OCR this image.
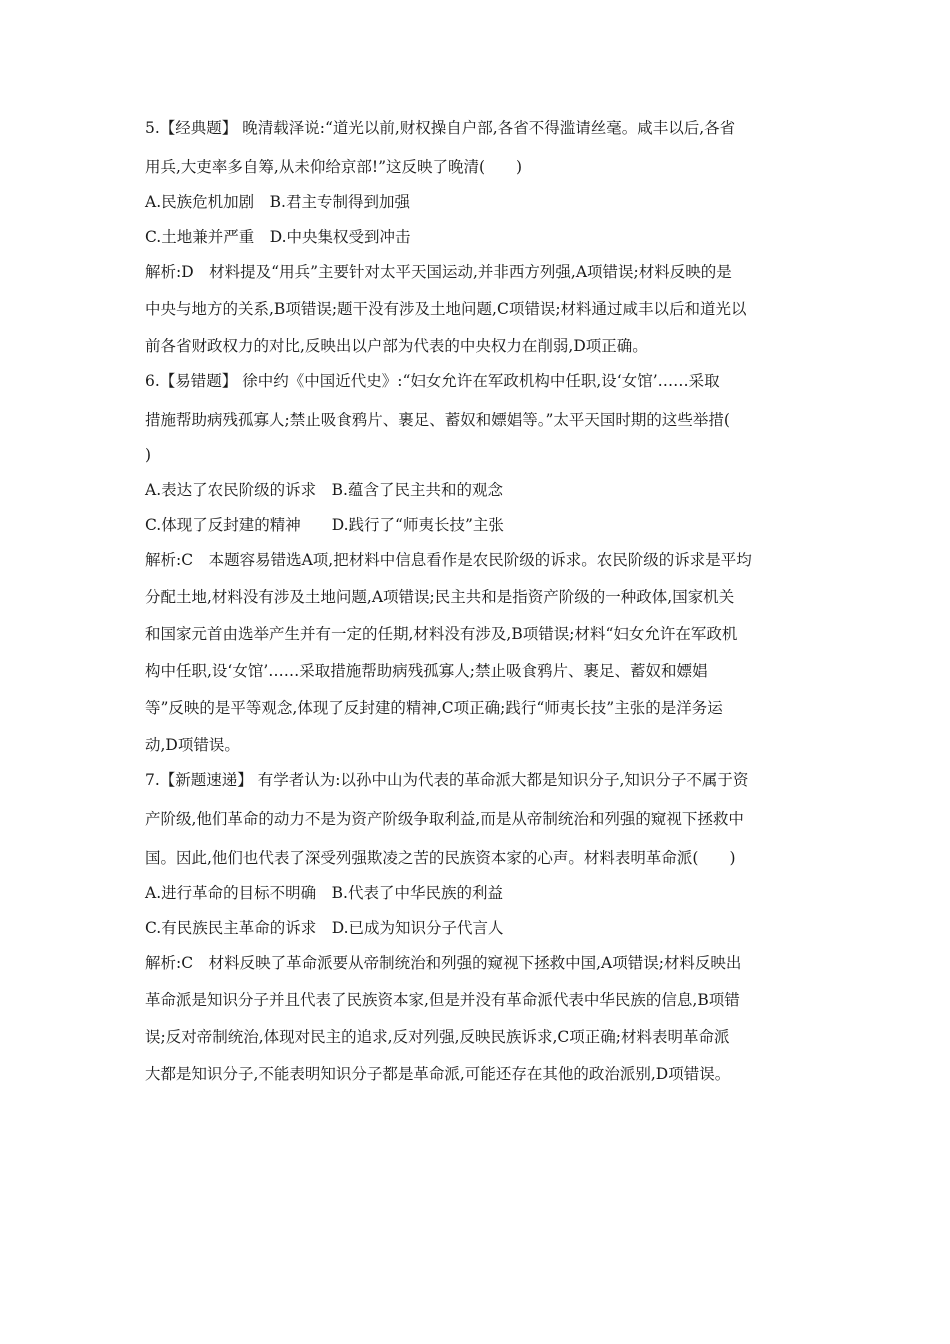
5.【经典题】 晚清载泽说:“道光以前,财权操自户部,各省不得滥请丝毫。咸丰以后,各省

用兵,大吏率多自筹,从未仰给京部!”这反映了晚清(　　)

A.民族危机加剧　B.君主专制得到加强

C.土地兼并严重　D.中央集权受到冲击

解析:D　材料提及“用兵”主要针对太平天国运动,并非西方列强,A项错误;材料反映的是

中央与地方的关系,B项错误;题干没有涉及土地问题,C项错误;材料通过咸丰以后和道光以

前各省财政权力的对比,反映出以户部为代表的中央权力在削弱,D项正确。

6.【易错题】 徐中约《中国近代史》:“妇女允许在军政机构中任职,设‘女馆’……采取

措施帮助病残孤寡人;禁止吸食鸦片、裹足、蓄奴和嫖娼等。”太平天国时期的这些举措(

)

A.表达了农民阶级的诉求　B.蕴含了民主共和的观念

C.体现了反封建的精神　　D.践行了“师夷长技”主张

解析:C　本题容易错选A项,把材料中信息看作是农民阶级的诉求。农民阶级的诉求是平均

分配土地,材料没有涉及土地问题,A项错误;民主共和是指资产阶级的一种政体,国家机关

和国家元首由选举产生并有一定的任期,材料没有涉及,B项错误;材料“妇女允许在军政机

构中任职,设‘女馆’……采取措施帮助病残孤寡人;禁止吸食鸦片、裹足、蓄奴和嫖娼

等”反映的是平等观念,体现了反封建的精神,C项正确;践行“师夷长技”主张的是洋务运

动,D项错误。

7.【新题速递】 有学者认为:以孙中山为代表的革命派大都是知识分子,知识分子不属于资

产阶级,他们革命的动力不是为资产阶级争取利益,而是从帝制统治和列强的窥视下拯救中

国。因此,他们也代表了深受列强欺凌之苦的民族资本家的心声。材料表明革命派(　　)

A.进行革命的目标不明确　B.代表了中华民族的利益

C.有民族民主革命的诉求　D.已成为知识分子代言人

解析:C　材料反映了革命派要从帝制统治和列强的窥视下拯救中国,A项错误;材料反映出

革命派是知识分子并且代表了民族资本家,但是并没有革命派代表中华民族的信息,B项错

误;反对帝制统治,体现对民主的追求,反对列强,反映民族诉求,C项正确;材料表明革命派

大都是知识分子,不能表明知识分子都是革命派,可能还存在其他的政治派别,D项错误。
